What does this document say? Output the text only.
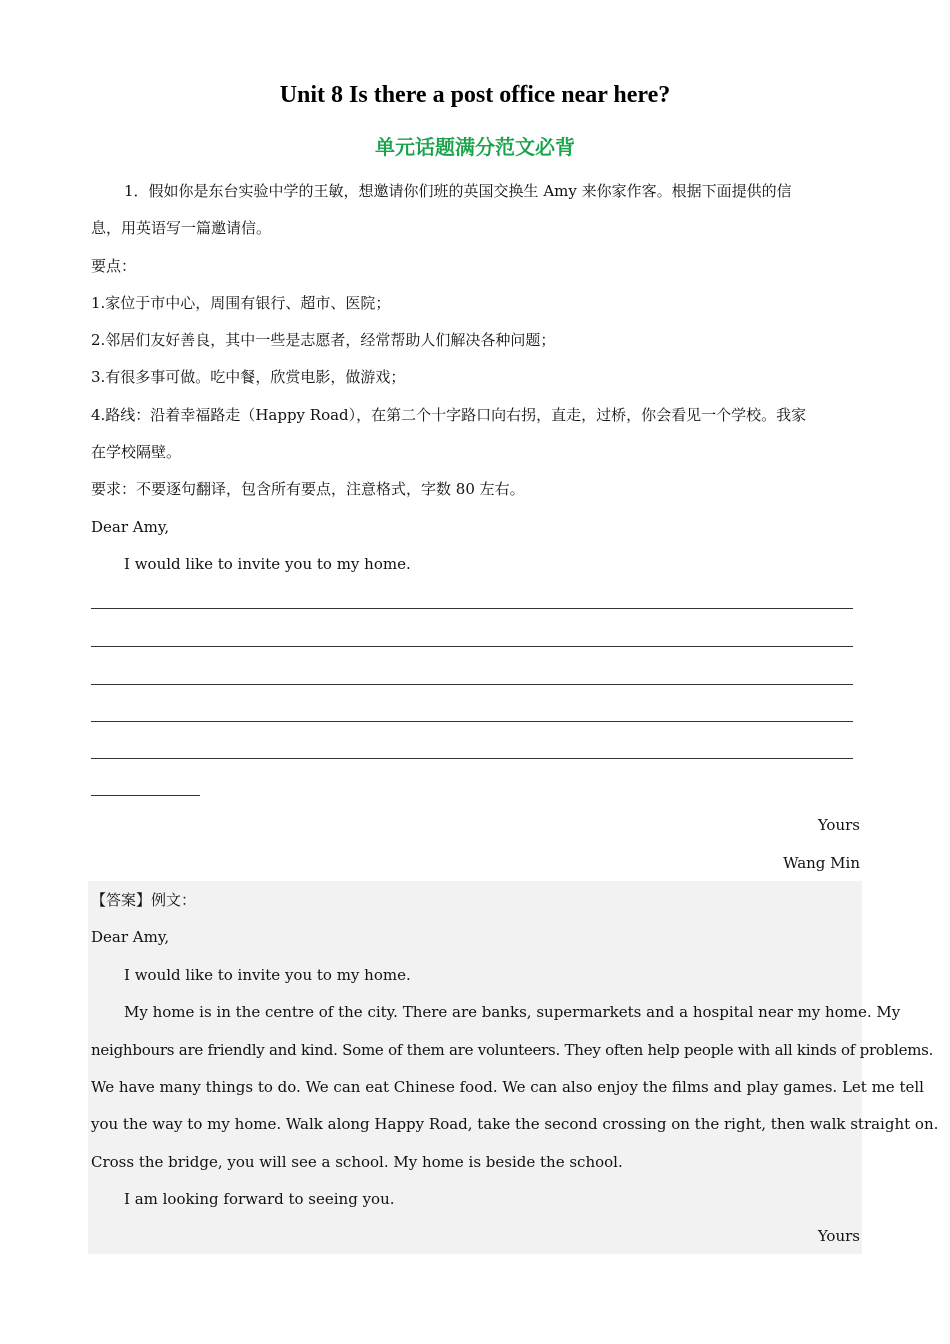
Unit 8 Is there a post office near here?
单元话题满分范文必背
1．假如你是东台实验中学的王敏，想邀请你们班的英国交换生 Amy 来你家作客。根据下面提供的信
息，用英语写一篇邀请信。
要点：
1.家位于市中心，周围有银行、超市、医院；
2.邻居们友好善良，其中一些是志愿者，经常帮助人们解决各种问题；
3.有很多事可做。吃中餐，欣赏电影，做游戏；
4.路线：沿着幸福路走（Happy Road），在第二个十字路口向右拐，直走，过桥，你会看见一个学校。我家
在学校隔壁。
要求：不要逐句翻译，包含所有要点，注意格式，字数 80 左右。
Dear Amy,
I would like to invite you to my home.
Yours
Wang Min
【答案】例文：
Dear Amy,
I would like to invite you to my home.
My home is in the centre of the city. There are banks, supermarkets and a hospital near my home. My
neighbours are friendly and kind. Some of them are volunteers. They often help people with all kinds of problems.
We have many things to do. We can eat Chinese food. We can also enjoy the films and play games. Let me tell
you the way to my home. Walk along Happy Road, take the second crossing on the right, then walk straight on.
Cross the bridge, you will see a school. My home is beside the school.
I am looking forward to seeing you.
Yours
